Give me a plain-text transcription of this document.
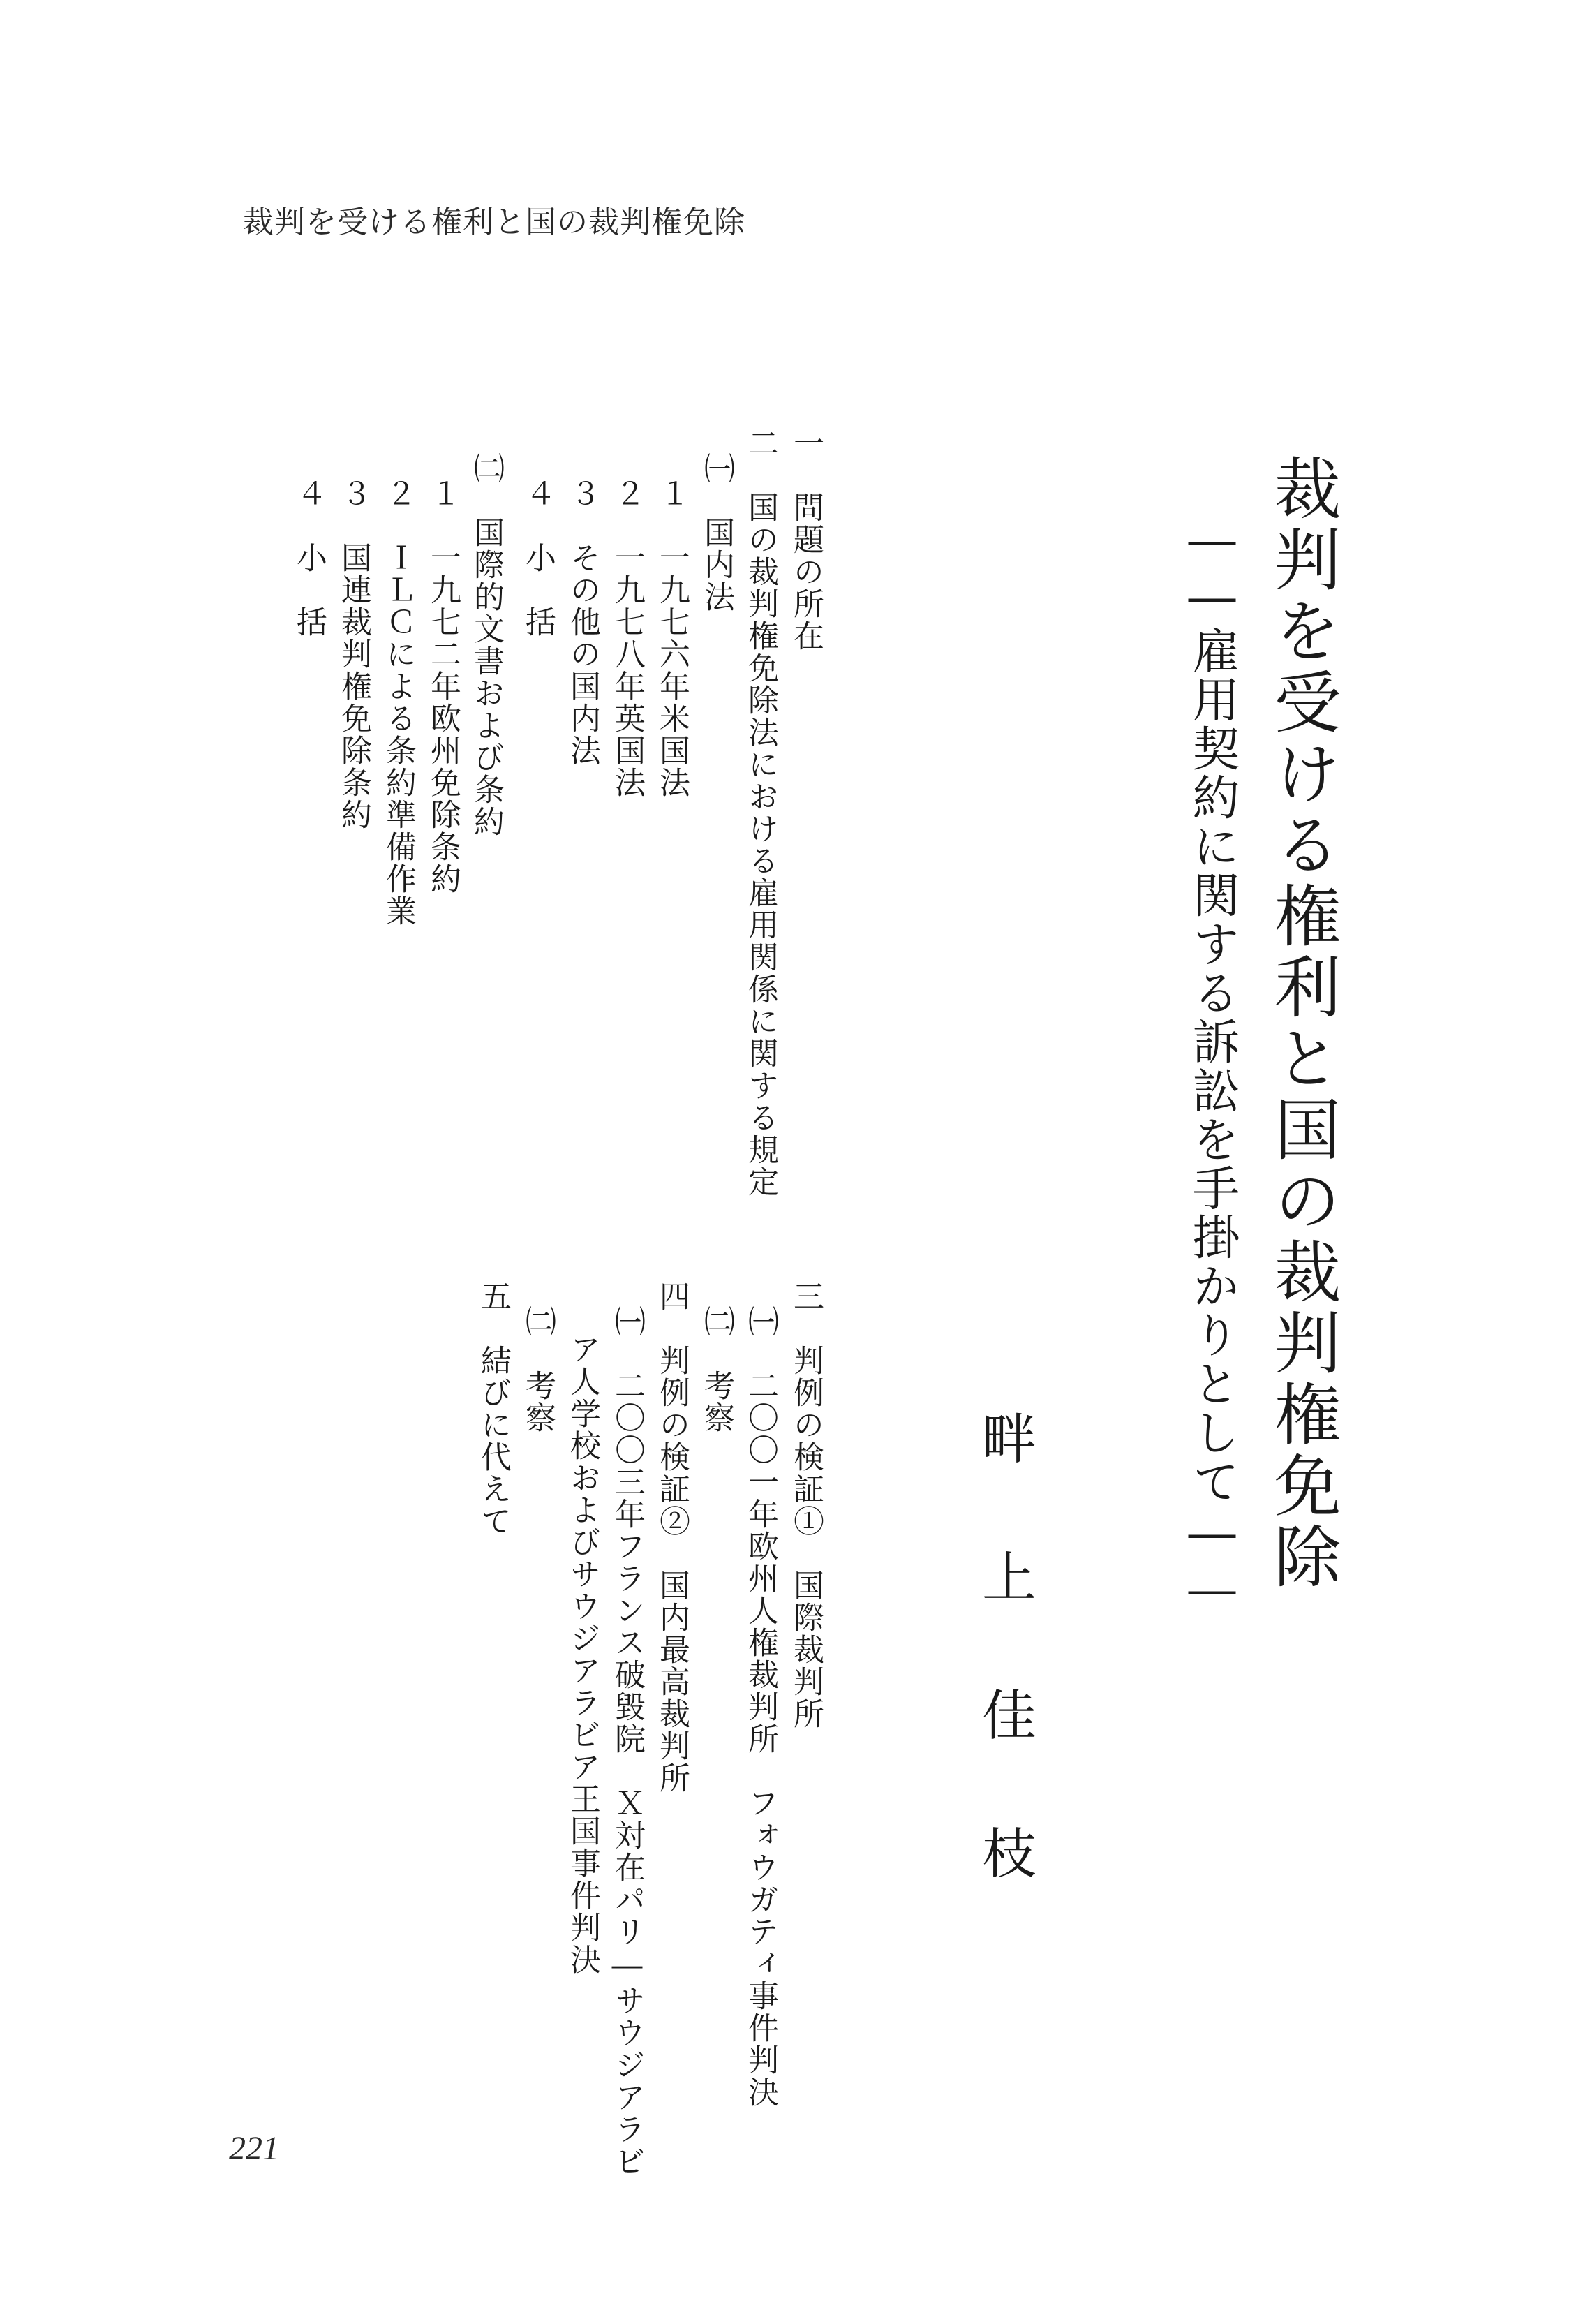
裁判を受ける権利と国の裁判権免除
裁判を受ける権利と国の裁判権免除
――雇用契約に関する訴訟を手掛かりとして――
畔上佳枝
一　問題の所在
二　国の裁判権免除法における雇用関係に関する規定
㈠　国内法
１　一九七六年米国法
２　一九七八年英国法
３　その他の国内法
４　小　括
㈡　国際的文書および条約
１　一九七二年欧州免除条約
２　ＩＬＣによる条約準備作業
３　国連裁判権免除条約
４　小　括
三　判例の検証①　国際裁判所
㈠　二〇〇一年欧州人権裁判所　フォウガティ事件判決
㈡　考察
四　判例の検証②　国内最高裁判所
㈠　二〇〇三年フランス破毀院　Ｘ対在パリ―サウジアラビ
ア人学校およびサウジアラビア王国事件判決
㈡　考察
五　結びに代えて
221
